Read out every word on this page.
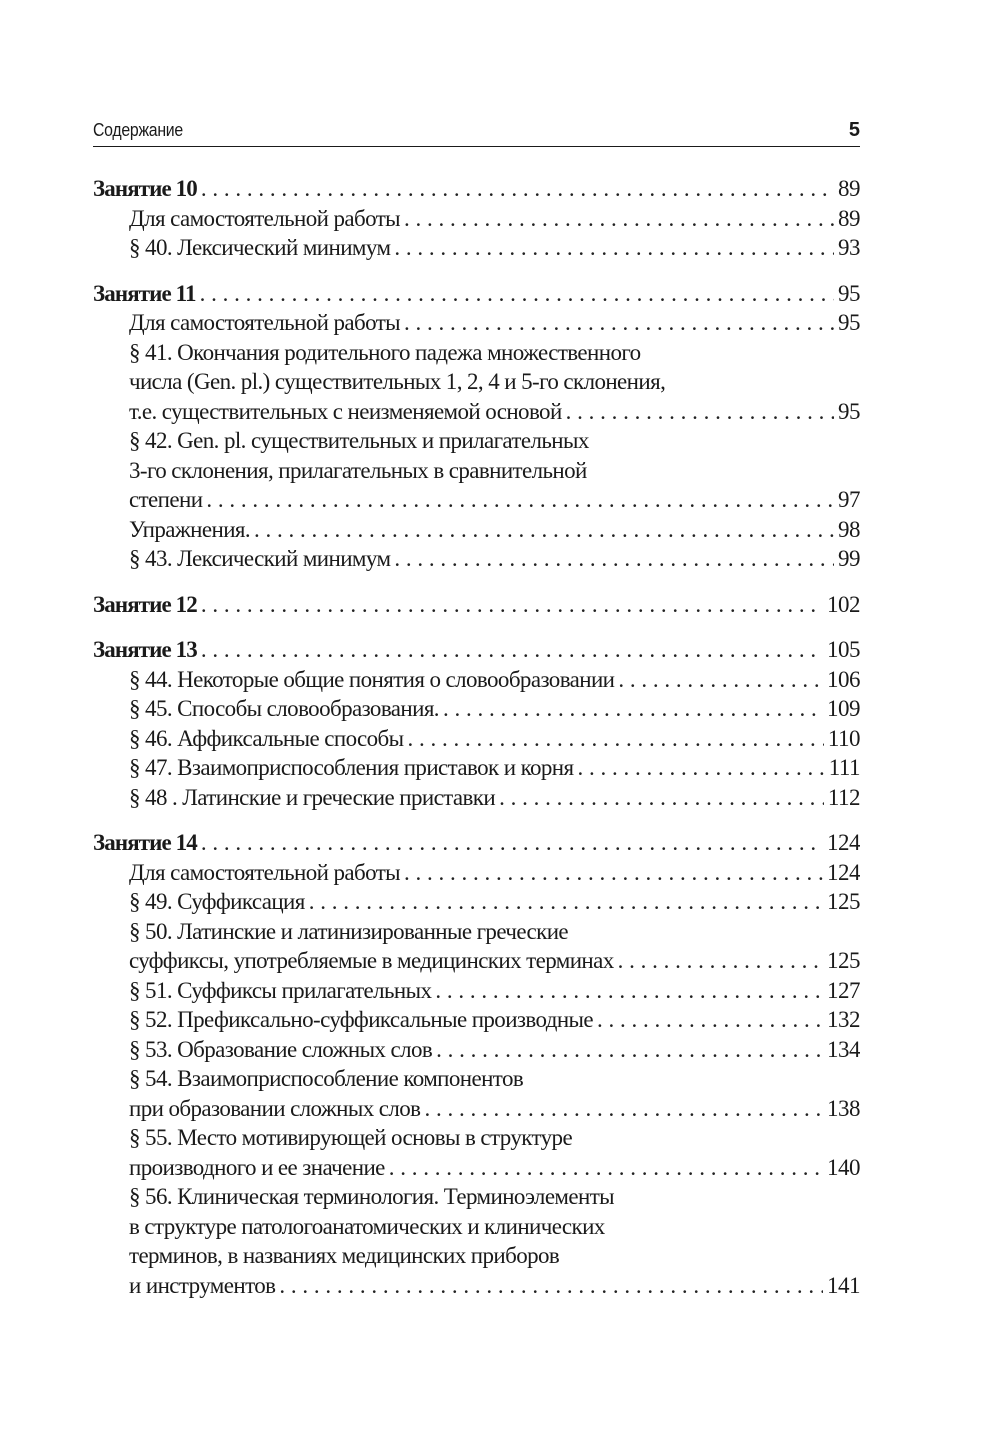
Содержание	5
Занятие 10 . . .	89
Для самостоятельной работы . . .	89
§ 40. Лексический минимум . . .	93
Занятие 11 . . .	95
Для самостоятельной работы . . .	95
§ 41. Окончания родительного падежа множественного
числа (Gen. pl.) существительных 1, 2, 4 и 5-го склонения,
т.е. существительных с неизменяемой основой . . .	95
§ 42. Gen. pl. существительных и прилагательных
3-го склонения, прилагательных в сравнительной
степени . . .	97
Упражнения. . . .	98
§ 43. Лексический минимум . . .	99
Занятие 12 . . .	102
Занятие 13 . . .	105
§ 44. Некоторые общие понятия о словообразовании . . .	106
§ 45. Способы словообразования. . . .	109
§ 46. Аффиксальные способы . . .	110
§ 47. Взаимоприспособления приставок и корня . . .	111
§ 48 . Латинские и греческие приставки . . .	112
Занятие 14 . . .	124
Для самостоятельной работы . . .	124
§ 49. Суффиксация . . .	125
§ 50. Латинские и латинизированные греческие
суффиксы, употребляемые в медицинских терминах . . .	125
§ 51. Суффиксы прилагательных . . .	127
§ 52. Префиксально-суффиксальные производные . . .	132
§ 53. Образование сложных слов . . .	134
§ 54. Взаимоприспособление компонентов
при образовании сложных слов . . .	138
§ 55. Место мотивирующей основы в структуре
производного и ее значение . . .	140
§ 56. Клиническая терминология. Терминоэлементы
в структуре патологоанатомических и клинических
терминов, в названиях медицинских приборов
и инструментов . . .	141
